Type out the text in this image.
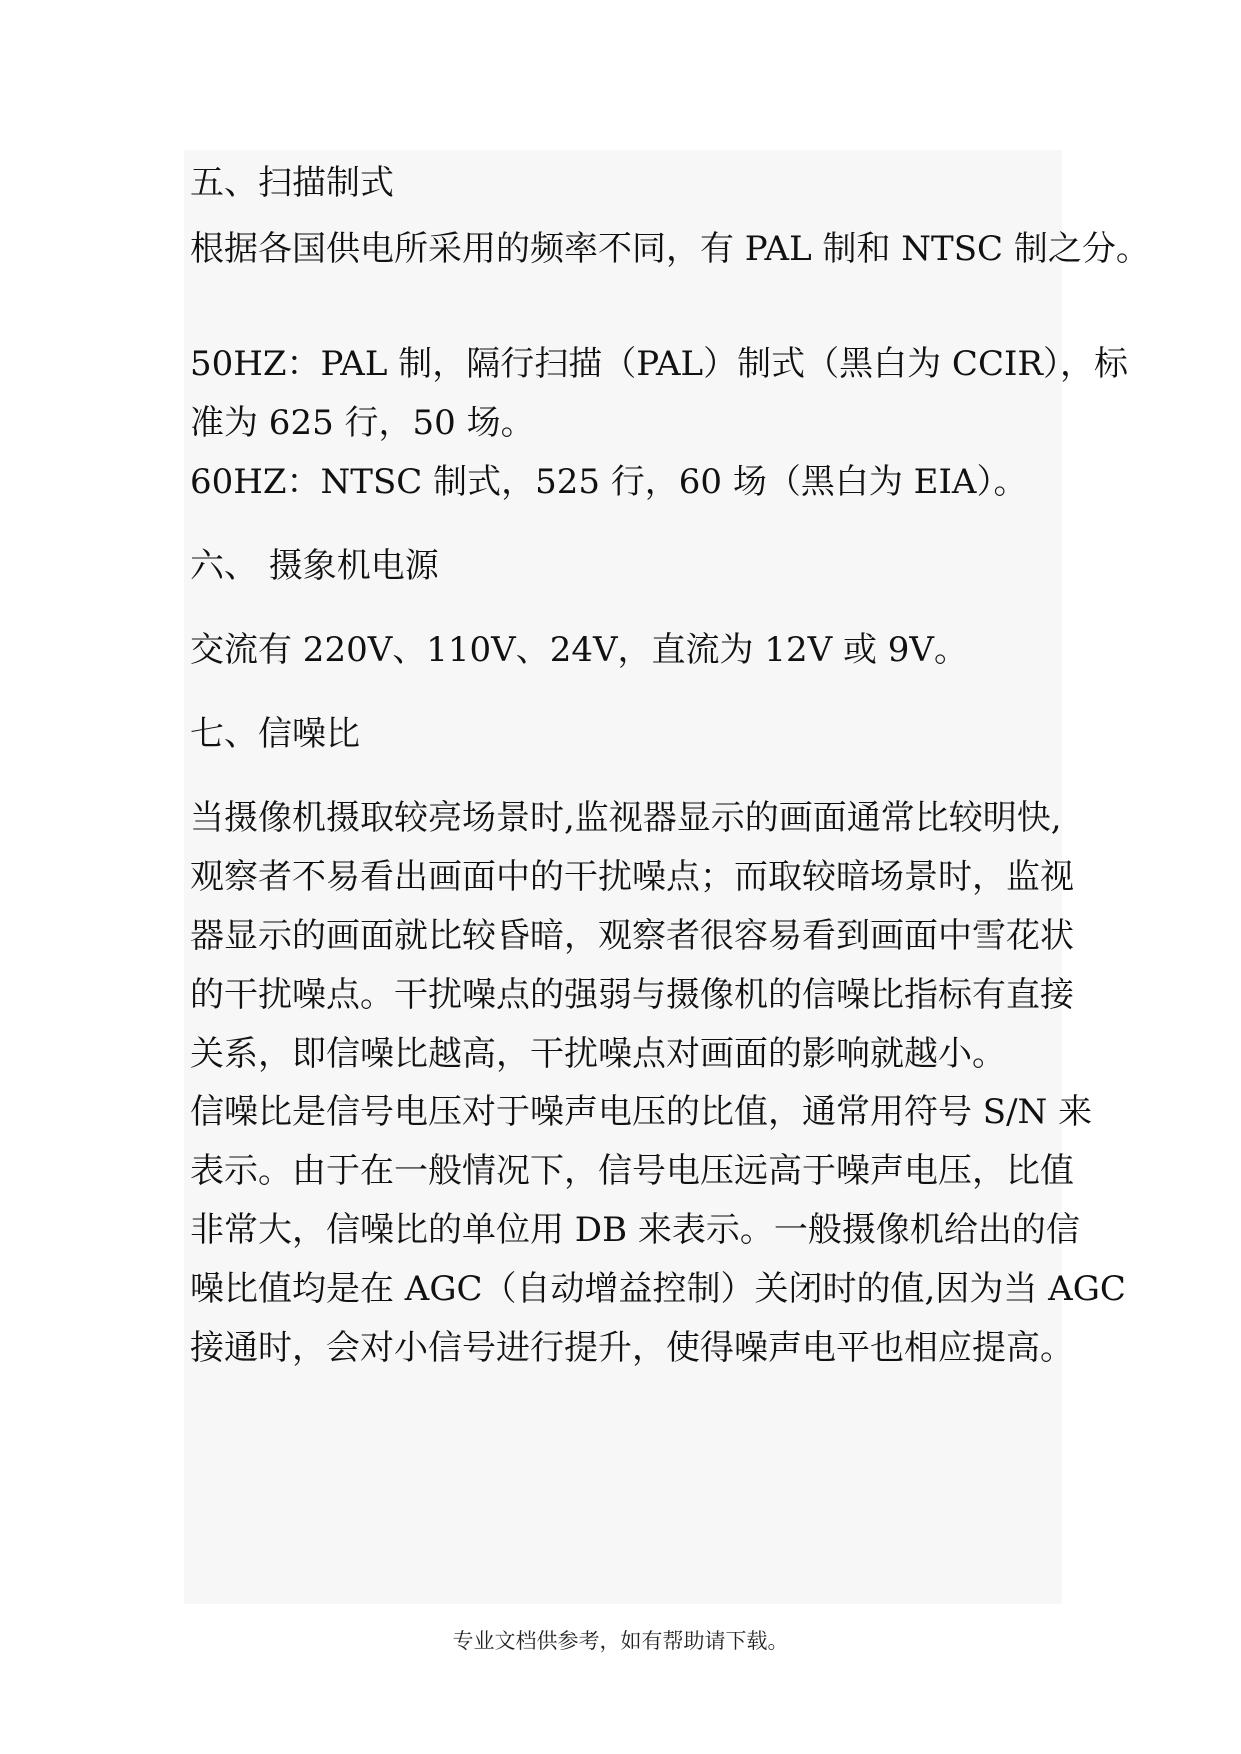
五、扫描制式

根据各国供电所采用的频率不同，有 PAL 制和 NTSC 制之分。

50HZ：PAL 制，隔行扫描（PAL）制式（黑白为 CCIR），标

准为 625 行，50 场。

60HZ：NTSC 制式，525 行，60 场（黑白为 EIA）。

六、 摄象机电源

交流有 220V、110V、24V，直流为 12V 或 9V。

七、信噪比

当摄像机摄取较亮场景时,监视器显示的画面通常比较明快,

观察者不易看出画面中的干扰噪点；而取较暗场景时，监视

器显示的画面就比较昏暗，观察者很容易看到画面中雪花状

的干扰噪点。干扰噪点的强弱与摄像机的信噪比指标有直接

关系，即信噪比越高，干扰噪点对画面的影响就越小。

信噪比是信号电压对于噪声电压的比值，通常用符号 S/N 来

表示。由于在一般情况下，信号电压远高于噪声电压，比值

非常大，信噪比的单位用 DB 来表示。一般摄像机给出的信

噪比值均是在 AGC（自动增益控制）关闭时的值,因为当 AGC

接通时，会对小信号进行提升，使得噪声电平也相应提高。

专业文档供参考，如有帮助请下载。
